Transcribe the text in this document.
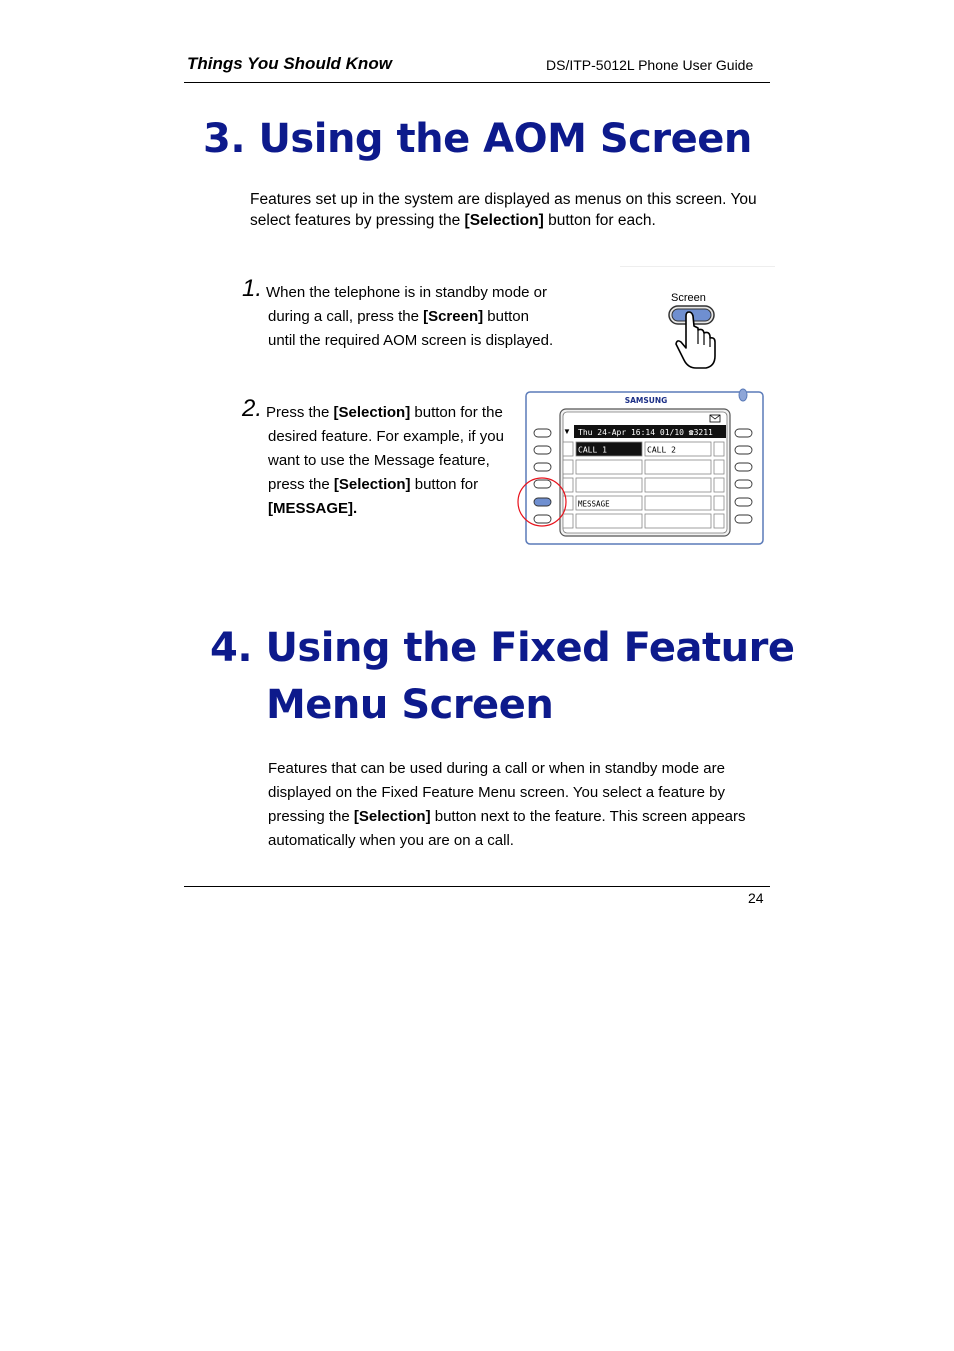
Things You Should Know	DS/ITP-5012L Phone User Guide
3. Using the AOM Screen
Features set up in the system are displayed as menus on this screen. You
select features by pressing the [Selection] button for each.
1. When the telephone is in standby mode or
during a call, press the [Screen] button
until the required AOM screen is displayed.
Screen
2. Press the [Selection] button for the
desired feature. For example, if you
want to use the Message feature,
press the [Selection] button for
[MESSAGE].
SAMSUNG
▼ Thu 24-Apr 16:14 01/10 ☎3211
CALL 1	CALL 2
MESSAGE
4. Using the Fixed Feature
Menu Screen
Features that can be used during a call or when in standby mode are
displayed on the Fixed Feature Menu screen. You select a feature by
pressing the [Selection] button next to the feature. This screen appears
automatically when you are on a call.
24
